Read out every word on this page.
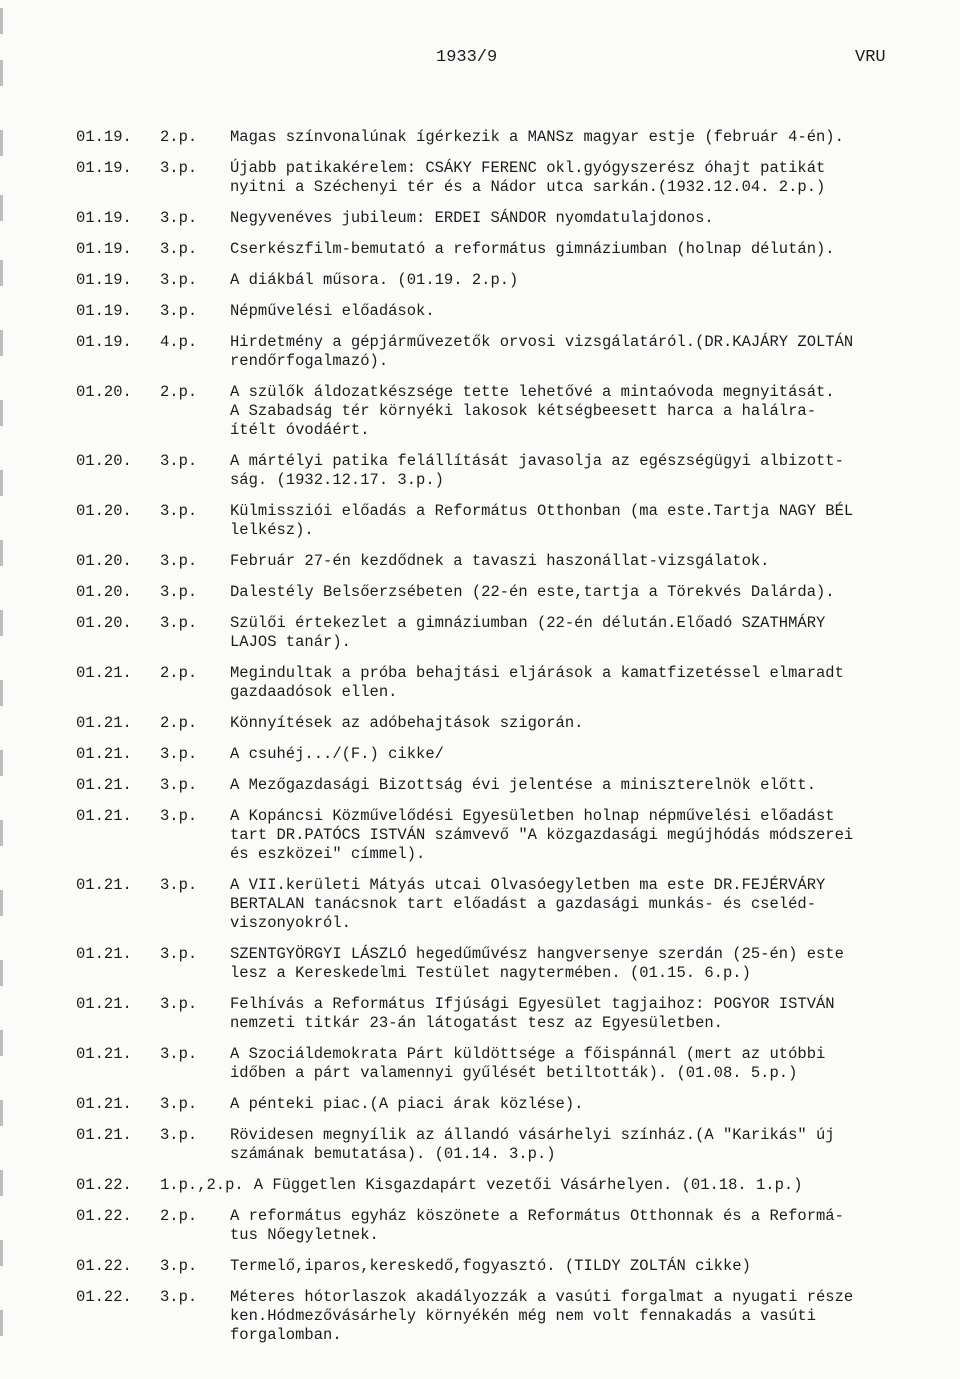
1933/9	VRU
01.19.	2.p.	Magas színvonalúnak ígérkezik a MANSz magyar estje (február 4-én).
01.19.	3.p.	Újabb patikakérelem: CSÁKY FERENC okl.gyógyszerész óhajt patikát
nyitni a Széchenyi tér és a Nádor utca sarkán.(1932.12.04. 2.p.)
01.19.	3.p.	Negyvenéves jubileum: ERDEI SÁNDOR nyomdatulajdonos.
01.19.	3.p.	Cserkészfilm-bemutató a református gimnáziumban (holnap délután).
01.19.	3.p.	A diákbál műsora. (01.19. 2.p.)
01.19.	3.p.	Népművelési előadások.
01.19.	4.p.	Hirdetmény a gépjárművezetők orvosi vizsgálatáról.(DR.KAJÁRY ZOLTÁN
rendőrfogalmazó).
01.20.	2.p.	A szülők áldozatkészsége tette lehetővé a mintaóvoda megnyitását.
A Szabadság tér környéki lakosok kétségbeesett harca a halálra-
ítélt óvodáért.
01.20.	3.p.	A mártélyi patika felállítását javasolja az egészségügyi albizott-
ság. (1932.12.17. 3.p.)
01.20.	3.p.	Külmissziói előadás a Református Otthonban (ma este.Tartja NAGY BÉL
lelkész).
01.20.	3.p.	Február 27-én kezdődnek a tavaszi haszonállat-vizsgálatok.
01.20.	3.p.	Dalestély Belsőerzsébeten (22-én este,tartja a Törekvés Dalárda).
01.20.	3.p.	Szülői értekezlet a gimnáziumban (22-én délután.Előadó SZATHMÁRY
LAJOS tanár).
01.21.	2.p.	Megindultak a próba behajtási eljárások a kamatfizetéssel elmaradt
gazdaadósok ellen.
01.21.	2.p.	Könnyítések az adóbehajtások szigorán.
01.21.	3.p.	A csuhéj.../(F.) cikke/
01.21.	3.p.	A Mezőgazdasági Bizottság évi jelentése a miniszterelnök előtt.
01.21.	3.p.	A Kopáncsi Közművelődési Egyesületben holnap népművelési előadást
tart DR.PATÓCS ISTVÁN számvevő "A közgazdasági megújhódás módszerei
és eszközei" címmel).
01.21.	3.p.	A VII.kerületi Mátyás utcai Olvasóegyletben ma este DR.FEJÉRVÁRY
BERTALAN tanácsnok tart előadást a gazdasági munkás- és cseléd-
viszonyokról.
01.21.	3.p.	SZENTGYÖRGYI LÁSZLÓ hegedűművész hangversenye szerdán (25-én) este
lesz a Kereskedelmi Testület nagytermében. (01.15. 6.p.)
01.21.	3.p.	Felhívás a Református Ifjúsági Egyesület tagjaihoz: POGYOR ISTVÁN
nemzeti titkár 23-án látogatást tesz az Egyesületben.
01.21.	3.p.	A Szociáldemokrata Párt küldöttsége a főispánnál (mert az utóbbi
időben a párt valamennyi gyűlését betiltották). (01.08. 5.p.)
01.21.	3.p.	A pénteki piac.(A piaci árak közlése).
01.21.	3.p.	Rövidesen megnyílik az állandó vásárhelyi színház.(A "Karikás" új
számának bemutatása). (01.14. 3.p.)
01.22.	1.p.,2.p. A Független Kisgazdapárt vezetői Vásárhelyen. (01.18. 1.p.)
01.22.	2.p.	A református egyház köszönete a Református Otthonnak és a Reformá-
tus Nőegyletnek.
01.22.	3.p.	Termelő,iparos,kereskedő,fogyasztó. (TILDY ZOLTÁN cikke)
01.22.	3.p.	Méteres hótorlaszok akadályozzák a vasúti forgalmat a nyugati része
ken.Hódmezővásárhely környékén még nem volt fennakadás a vasúti
forgalomban.
